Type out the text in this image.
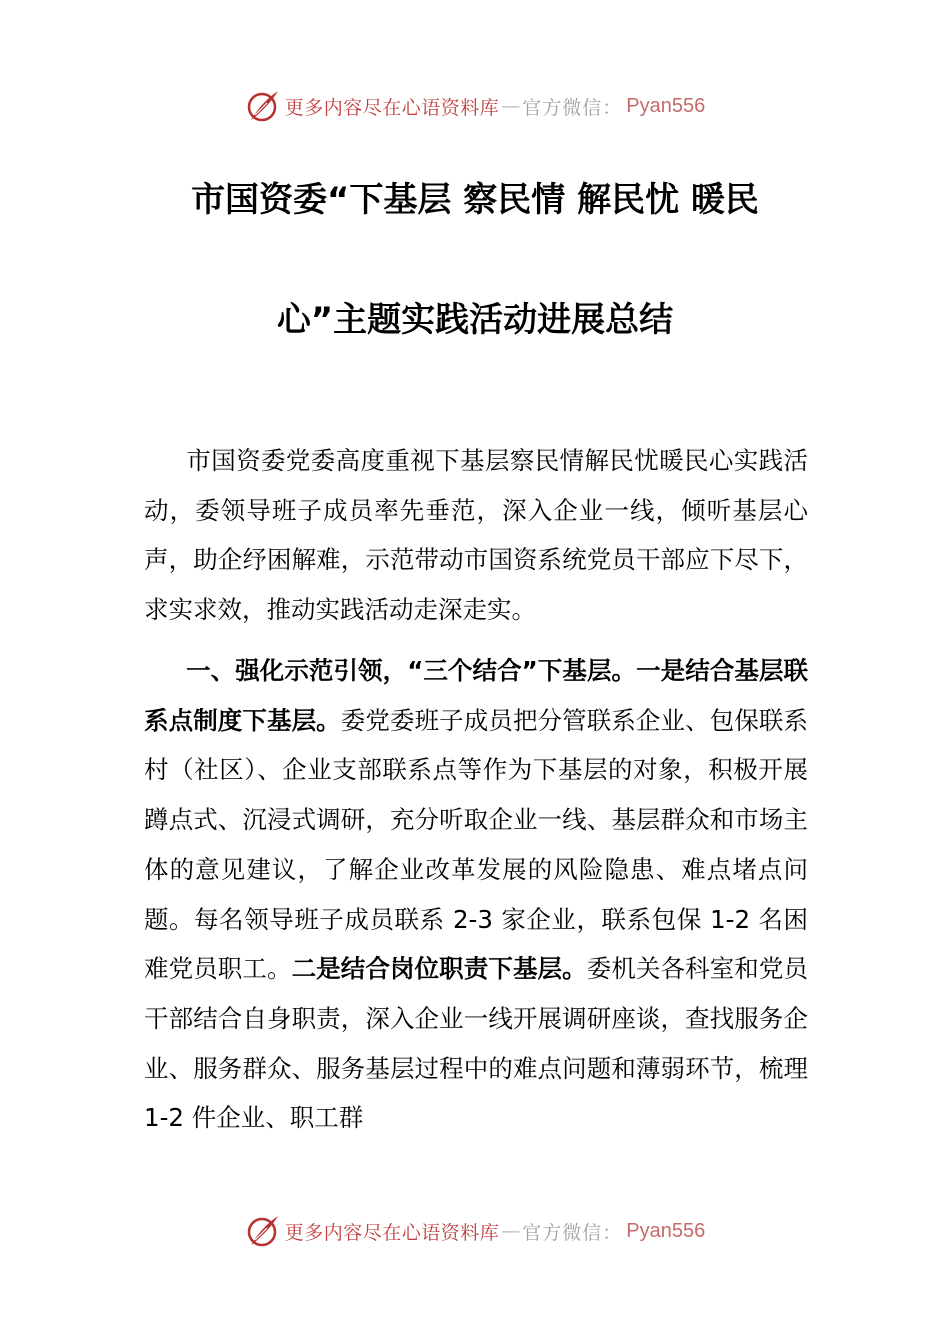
更多内容尽在心语资料库 — 官方微信： Pyan556
市国资委“下基层 察民情 解民忧 暖民
心”主题实践活动进展总结

市国资委党委高度重视下基层察民情解民忧暖民心实践活动，委领导班子成员率先垂范，深入企业一线，倾听基层心声，助企纾困解难，示范带动市国资系统党员干部应下尽下，求实求效，推动实践活动走深走实。

一、强化示范引领，“三个结合”下基层。一是结合基层联系点制度下基层。委党委班子成员把分管联系企业、包保联系村（社区）、企业支部联系点等作为下基层的对象，积极开展蹲点式、沉浸式调研，充分听取企业一线、基层群众和市场主体的意见建议，了解企业改革发展的风险隐患、难点堵点问题。每名领导班子成员联系 2-3 家企业，联系包保 1-2 名困难党员职工。二是结合岗位职责下基层。委机关各科室和党员干部结合自身职责，深入企业一线开展调研座谈，查找服务企业、服务群众、服务基层过程中的难点问题和薄弱环节，梳理 1-2 件企业、职工群

更多内容尽在心语资料库 — 官方微信： Pyan556
